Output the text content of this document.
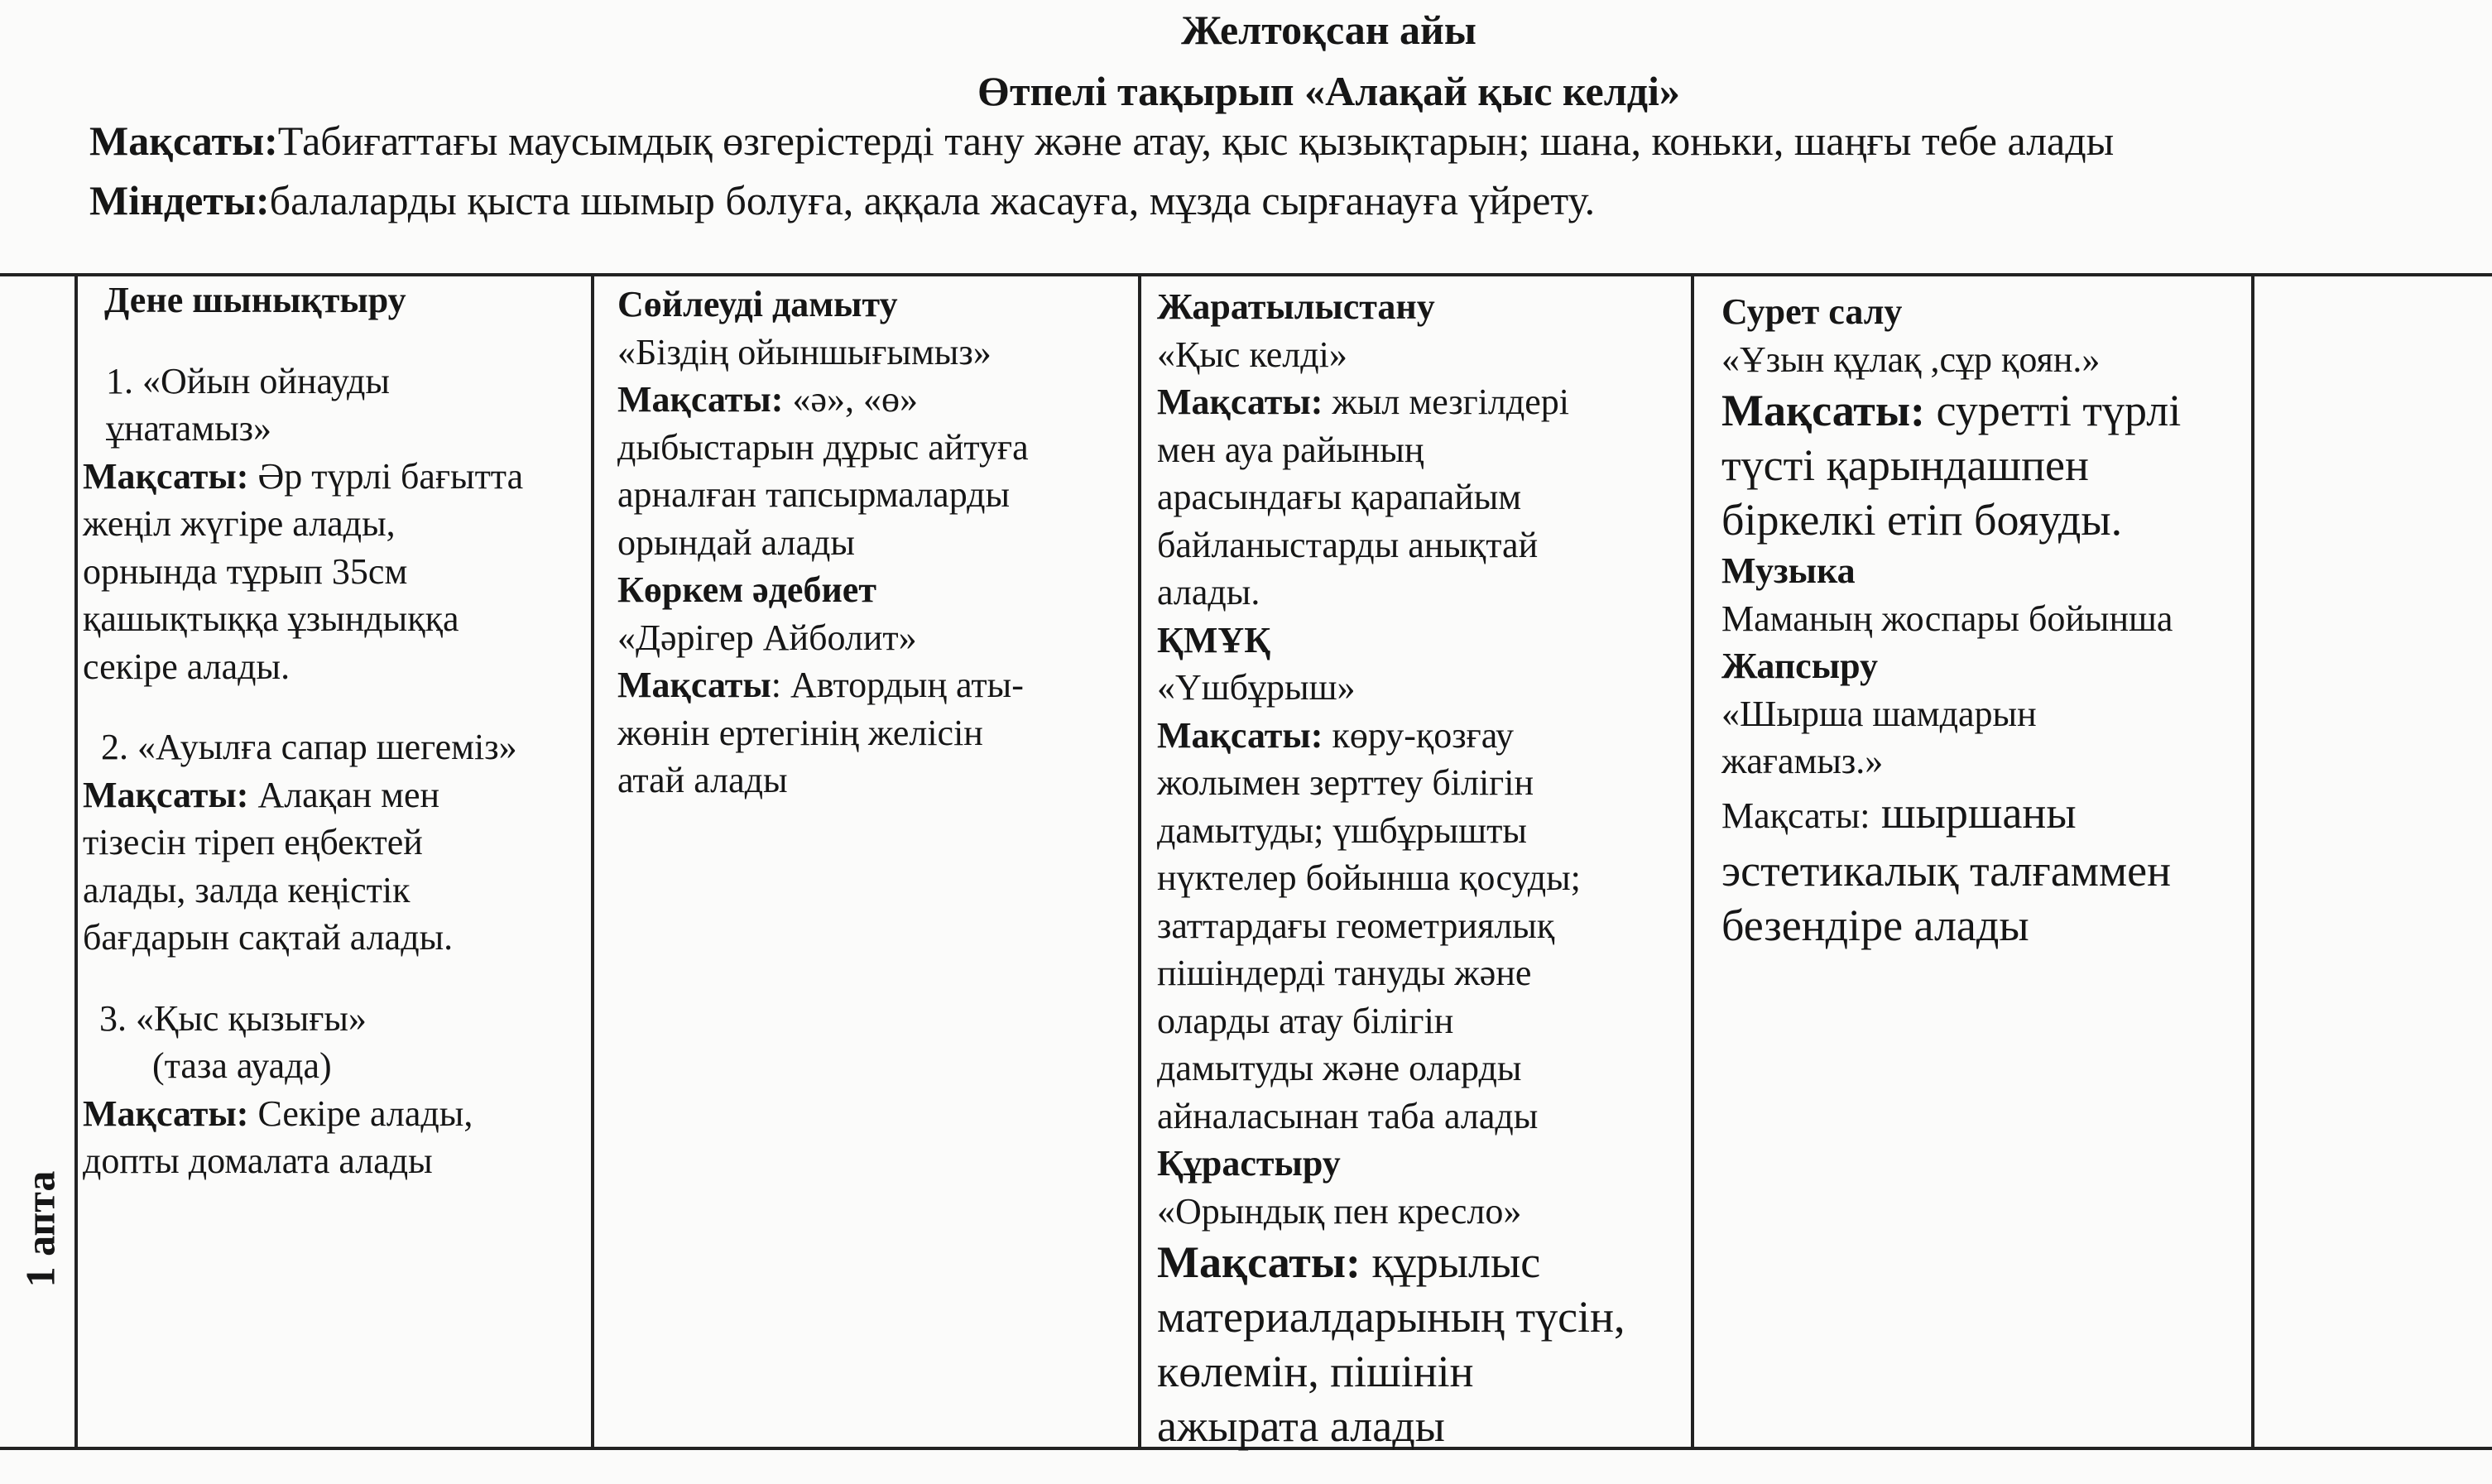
Желтоқсан айы
Өтпелі тақырып «Алақай қыс келді»
Мақсаты:Табиғаттағы маусымдық өзгерістерді тану және атау, қыс қызықтарын; шана, коньки, шаңғы тебе алады
Міндеты:балаларды қыста шымыр болуға, аққала жасауға, мұзда сырғанауға үйрету.
1 апта

Дене шынықтыру

1. «Ойын ойнауды

ұнатамыз»

Мақсаты: Әр түрлі бағытта

жеңіл жүгіре алады,

орнында тұрып 35см

қашықтыққа ұзындыққа

секіре алады.

2. «Ауылға сапар шегеміз»

Мақсаты: Алақан мен

тізесін тіреп еңбектей

алады, залда кеңістік

бағдарын сақтай алады.

3. «Қыс қызығы»

(таза ауада)

Мақсаты: Секіре алады,

допты домалата алады

Сөйлеуді дамыту

«Біздің ойыншығымыз»

Мақсаты: «ә», «ө»

дыбыстарын дұрыс айтуға

арналған тапсырмаларды

орындай алады

Көркем әдебиет

«Дәрігер Айболит»

Мақсаты: Автордың аты-

жөнін ертегінің желісін

атай алады

Жаратылыстану

«Қыс келді»

Мақсаты: жыл мезгілдері

мен ауа райының

арасындағы қарапайым

байланыстарды анықтай

алады.

ҚМҰҚ

«Үшбұрыш»

Мақсаты: көру-қозғау

жолымен зерттеу білігін

дамытуды; үшбұрышты

нүктелер бойынша қосуды;

заттардағы геометриялық

пішіндерді тануды және

оларды атау білігін

дамытуды және оларды

айналасынан таба алады

Құрастыру

«Орындық пен кресло»

Мақсаты: құрылыс

материалдарының түсін,

көлемін, пішінін

ажырата алады

Сурет салу

«Ұзын құлақ ,сұр қоян.»

Мақсаты: суретті түрлі

түсті қарындашпен

біркелкі етіп бояуды.

Музыка

Маманың жоспары бойынша

Жапсыру

«Шырша шамдарын

жағамыз.»

Мақсаты: шыршаны

эстетикалық талғаммен

безендіре алады
